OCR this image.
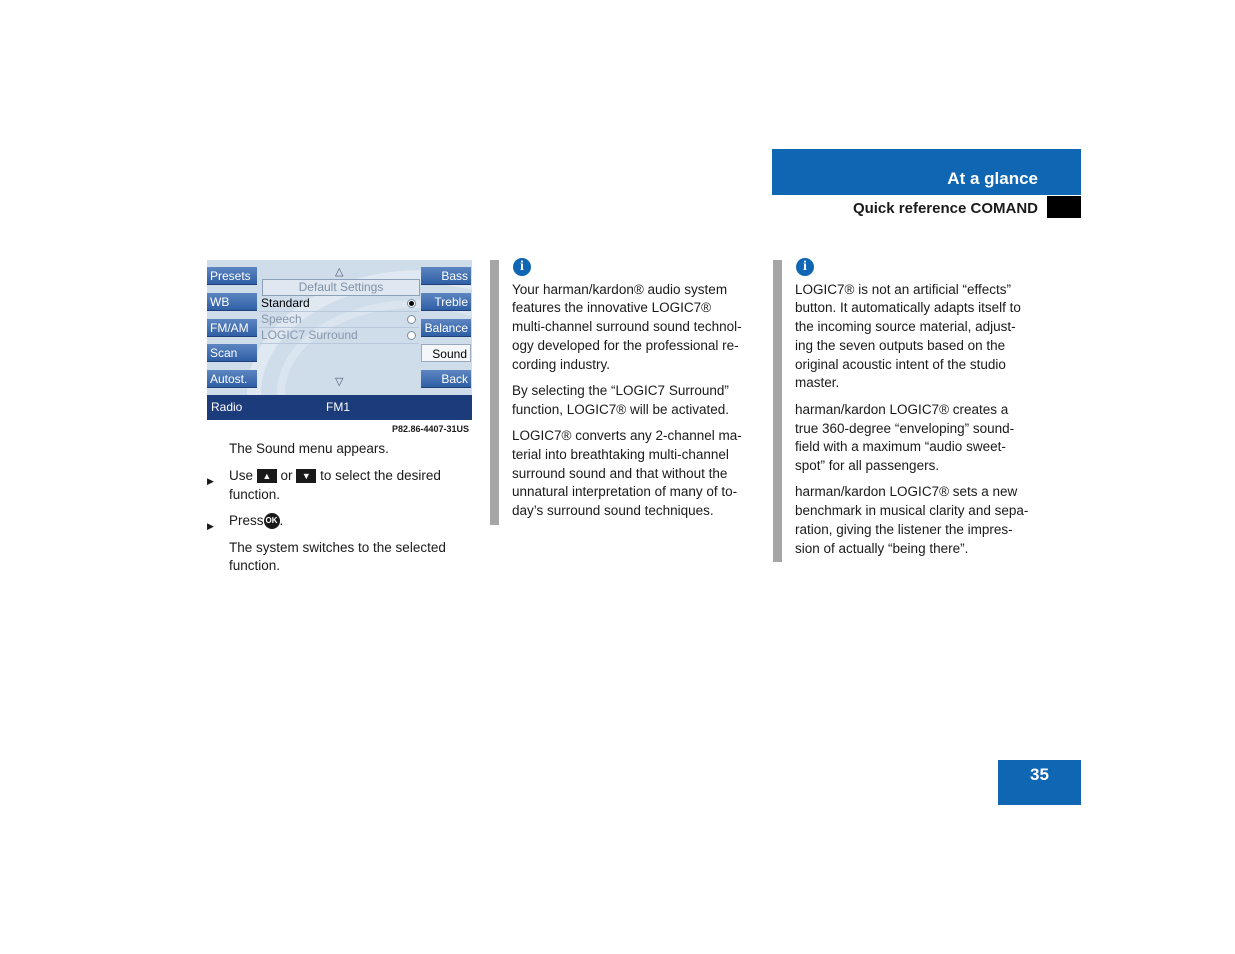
At a glance
Quick reference COMAND
Presets
WB
FM/AM
Scan
Autost.
Bass
Treble
Balance
Sound
Back
△
Default Settings
Standard
Speech
LOGIC7 Surround
▽
Radio	FM1
P82.86-4407-31US
The Sound menu appears.
▶ Use ▲ or ▼ to select the desired
function.
▶ Press OK .
The system switches to the selected
function.
i
Your harman/kardon® audio system
features the innovative LOGIC7®
multi-channel surround sound technol-
ogy developed for the professional re-
cording industry.
By selecting the “LOGIC7 Surround”
function, LOGIC7® will be activated.
LOGIC7® converts any 2-channel ma-
terial into breathtaking multi-channel
surround sound and that without the
unnatural interpretation of many of to-
day’s surround sound techniques.
i
LOGIC7® is not an artificial “effects”
button. It automatically adapts itself to
the incoming source material, adjust-
ing the seven outputs based on the
original acoustic intent of the studio
master.
harman/kardon LOGIC7® creates a
true 360-degree “enveloping” sound-
field with a maximum “audio sweet-
spot” for all passengers.
harman/kardon LOGIC7® sets a new
benchmark in musical clarity and sepa-
ration, giving the listener the impres-
sion of actually “being there”.
35
